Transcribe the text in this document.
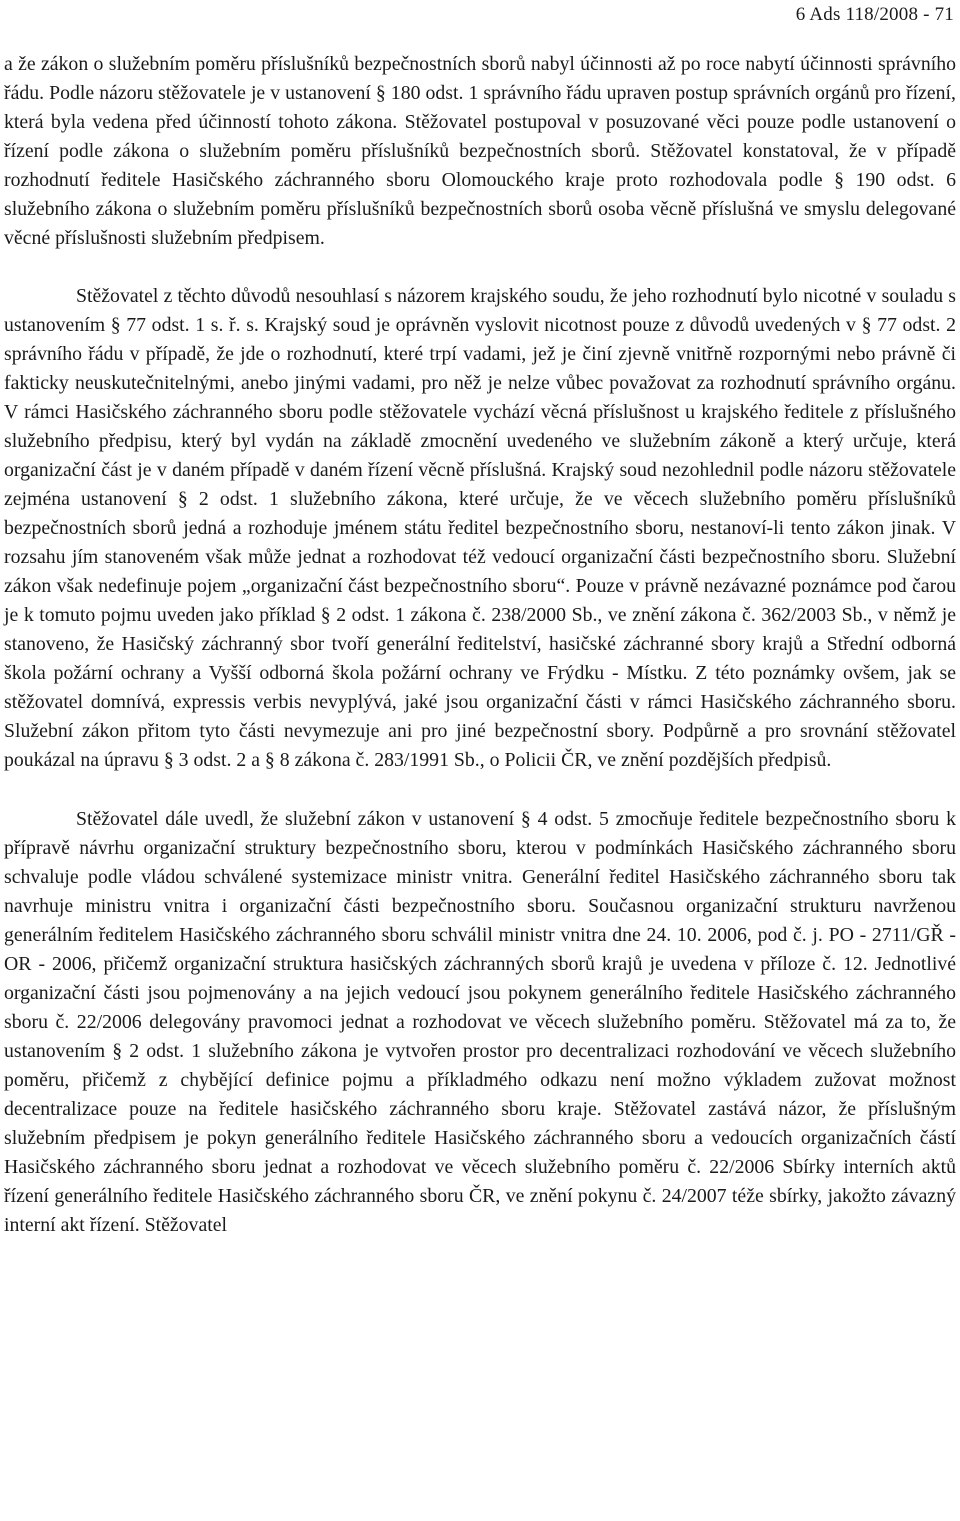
6 Ads 118/2008 - 71

a že zákon o služebním poměru příslušníků bezpečnostních sborů nabyl účinnosti až po roce nabytí účinnosti správního řádu. Podle názoru stěžovatele je v ustanovení § 180 odst. 1 správního řádu upraven postup správních orgánů pro řízení, která byla vedena před účinností tohoto zákona. Stěžovatel postupoval v posuzované věci pouze podle ustanovení o řízení podle zákona o služebním poměru příslušníků bezpečnostních sborů. Stěžovatel konstatoval, že v případě rozhodnutí ředitele Hasičského záchranného sboru Olomouckého kraje proto rozhodovala podle § 190 odst. 6 služebního zákona o služebním poměru příslušníků bezpečnostních sborů osoba věcně příslušná ve smyslu delegované věcné příslušnosti služebním předpisem.

Stěžovatel z těchto důvodů nesouhlasí s názorem krajského soudu, že jeho rozhodnutí bylo nicotné v souladu s ustanovením § 77 odst. 1 s. ř. s. Krajský soud je oprávněn vyslovit nicotnost pouze z důvodů uvedených v § 77 odst. 2 správního řádu v případě, že jde o rozhodnutí, které trpí vadami, jež je činí zjevně vnitřně rozpornými nebo právně či fakticky neuskutečnitelnými, anebo jinými vadami, pro něž je nelze vůbec považovat za rozhodnutí správního orgánu. V rámci Hasičského záchranného sboru podle stěžovatele vychází věcná příslušnost u krajského ředitele z příslušného služebního předpisu, který byl vydán na základě zmocnění uvedeného ve služebním zákoně a který určuje, která organizační část je v daném případě v daném řízení věcně příslušná. Krajský soud nezohlednil podle názoru stěžovatele zejména ustanovení § 2 odst. 1 služebního zákona, které určuje, že ve věcech služebního poměru příslušníků bezpečnostních sborů jedná a rozhoduje jménem státu ředitel bezpečnostního sboru, nestanoví-li tento zákon jinak. V rozsahu jím stanoveném však může jednat a rozhodovat též vedoucí organizační části bezpečnostního sboru. Služební zákon však nedefinuje pojem „organizační část bezpečnostního sboru“. Pouze v právně nezávazné poznámce pod čarou je k tomuto pojmu uveden jako příklad § 2 odst. 1 zákona č. 238/2000 Sb., ve znění zákona č. 362/2003 Sb., v němž je stanoveno, že Hasičský záchranný sbor tvoří generální ředitelství, hasičské záchranné sbory krajů a Střední odborná škola požární ochrany a Vyšší odborná škola požární ochrany ve Frýdku - Místku. Z této poznámky ovšem, jak se stěžovatel domnívá, expressis verbis nevyplývá, jaké jsou organizační části v rámci Hasičského záchranného sboru. Služební zákon přitom tyto části nevymezuje ani pro jiné bezpečnostní sbory. Podpůrně a pro srovnání stěžovatel poukázal na úpravu § 3 odst. 2 a § 8 zákona č. 283/1991 Sb., o Policii ČR, ve znění pozdějších předpisů.

Stěžovatel dále uvedl, že služební zákon v ustanovení § 4 odst. 5 zmocňuje ředitele bezpečnostního sboru k přípravě návrhu organizační struktury bezpečnostního sboru, kterou v podmínkách Hasičského záchranného sboru schvaluje podle vládou schválené systemizace ministr vnitra. Generální ředitel Hasičského záchranného sboru tak navrhuje ministru vnitra i organizační části bezpečnostního sboru. Současnou organizační strukturu navrženou generálním ředitelem Hasičského záchranného sboru schválil ministr vnitra dne 24. 10. 2006, pod č. j. PO - 2711/GŘ - OR - 2006, přičemž organizační struktura hasičských záchranných sborů krajů je uvedena v příloze č. 12. Jednotlivé organizační části jsou pojmenovány a na jejich vedoucí jsou pokynem generálního ředitele Hasičského záchranného sboru č. 22/2006 delegovány pravomoci jednat a rozhodovat ve věcech služebního poměru. Stěžovatel má za to, že ustanovením § 2 odst. 1 služebního zákona je vytvořen prostor pro decentralizaci rozhodování ve věcech služebního poměru, přičemž z chybějící definice pojmu a příkladmého odkazu není možno výkladem zužovat možnost decentralizace pouze na ředitele hasičského záchranného sboru kraje. Stěžovatel zastává názor, že příslušným služebním předpisem je pokyn generálního ředitele Hasičského záchranného sboru a vedoucích organizačních částí Hasičského záchranného sboru jednat a rozhodovat ve věcech služebního poměru č. 22/2006 Sbírky interních aktů řízení generálního ředitele Hasičského záchranného sboru ČR, ve znění pokynu č. 24/2007 téže sbírky, jakožto závazný interní akt řízení. Stěžovatel
